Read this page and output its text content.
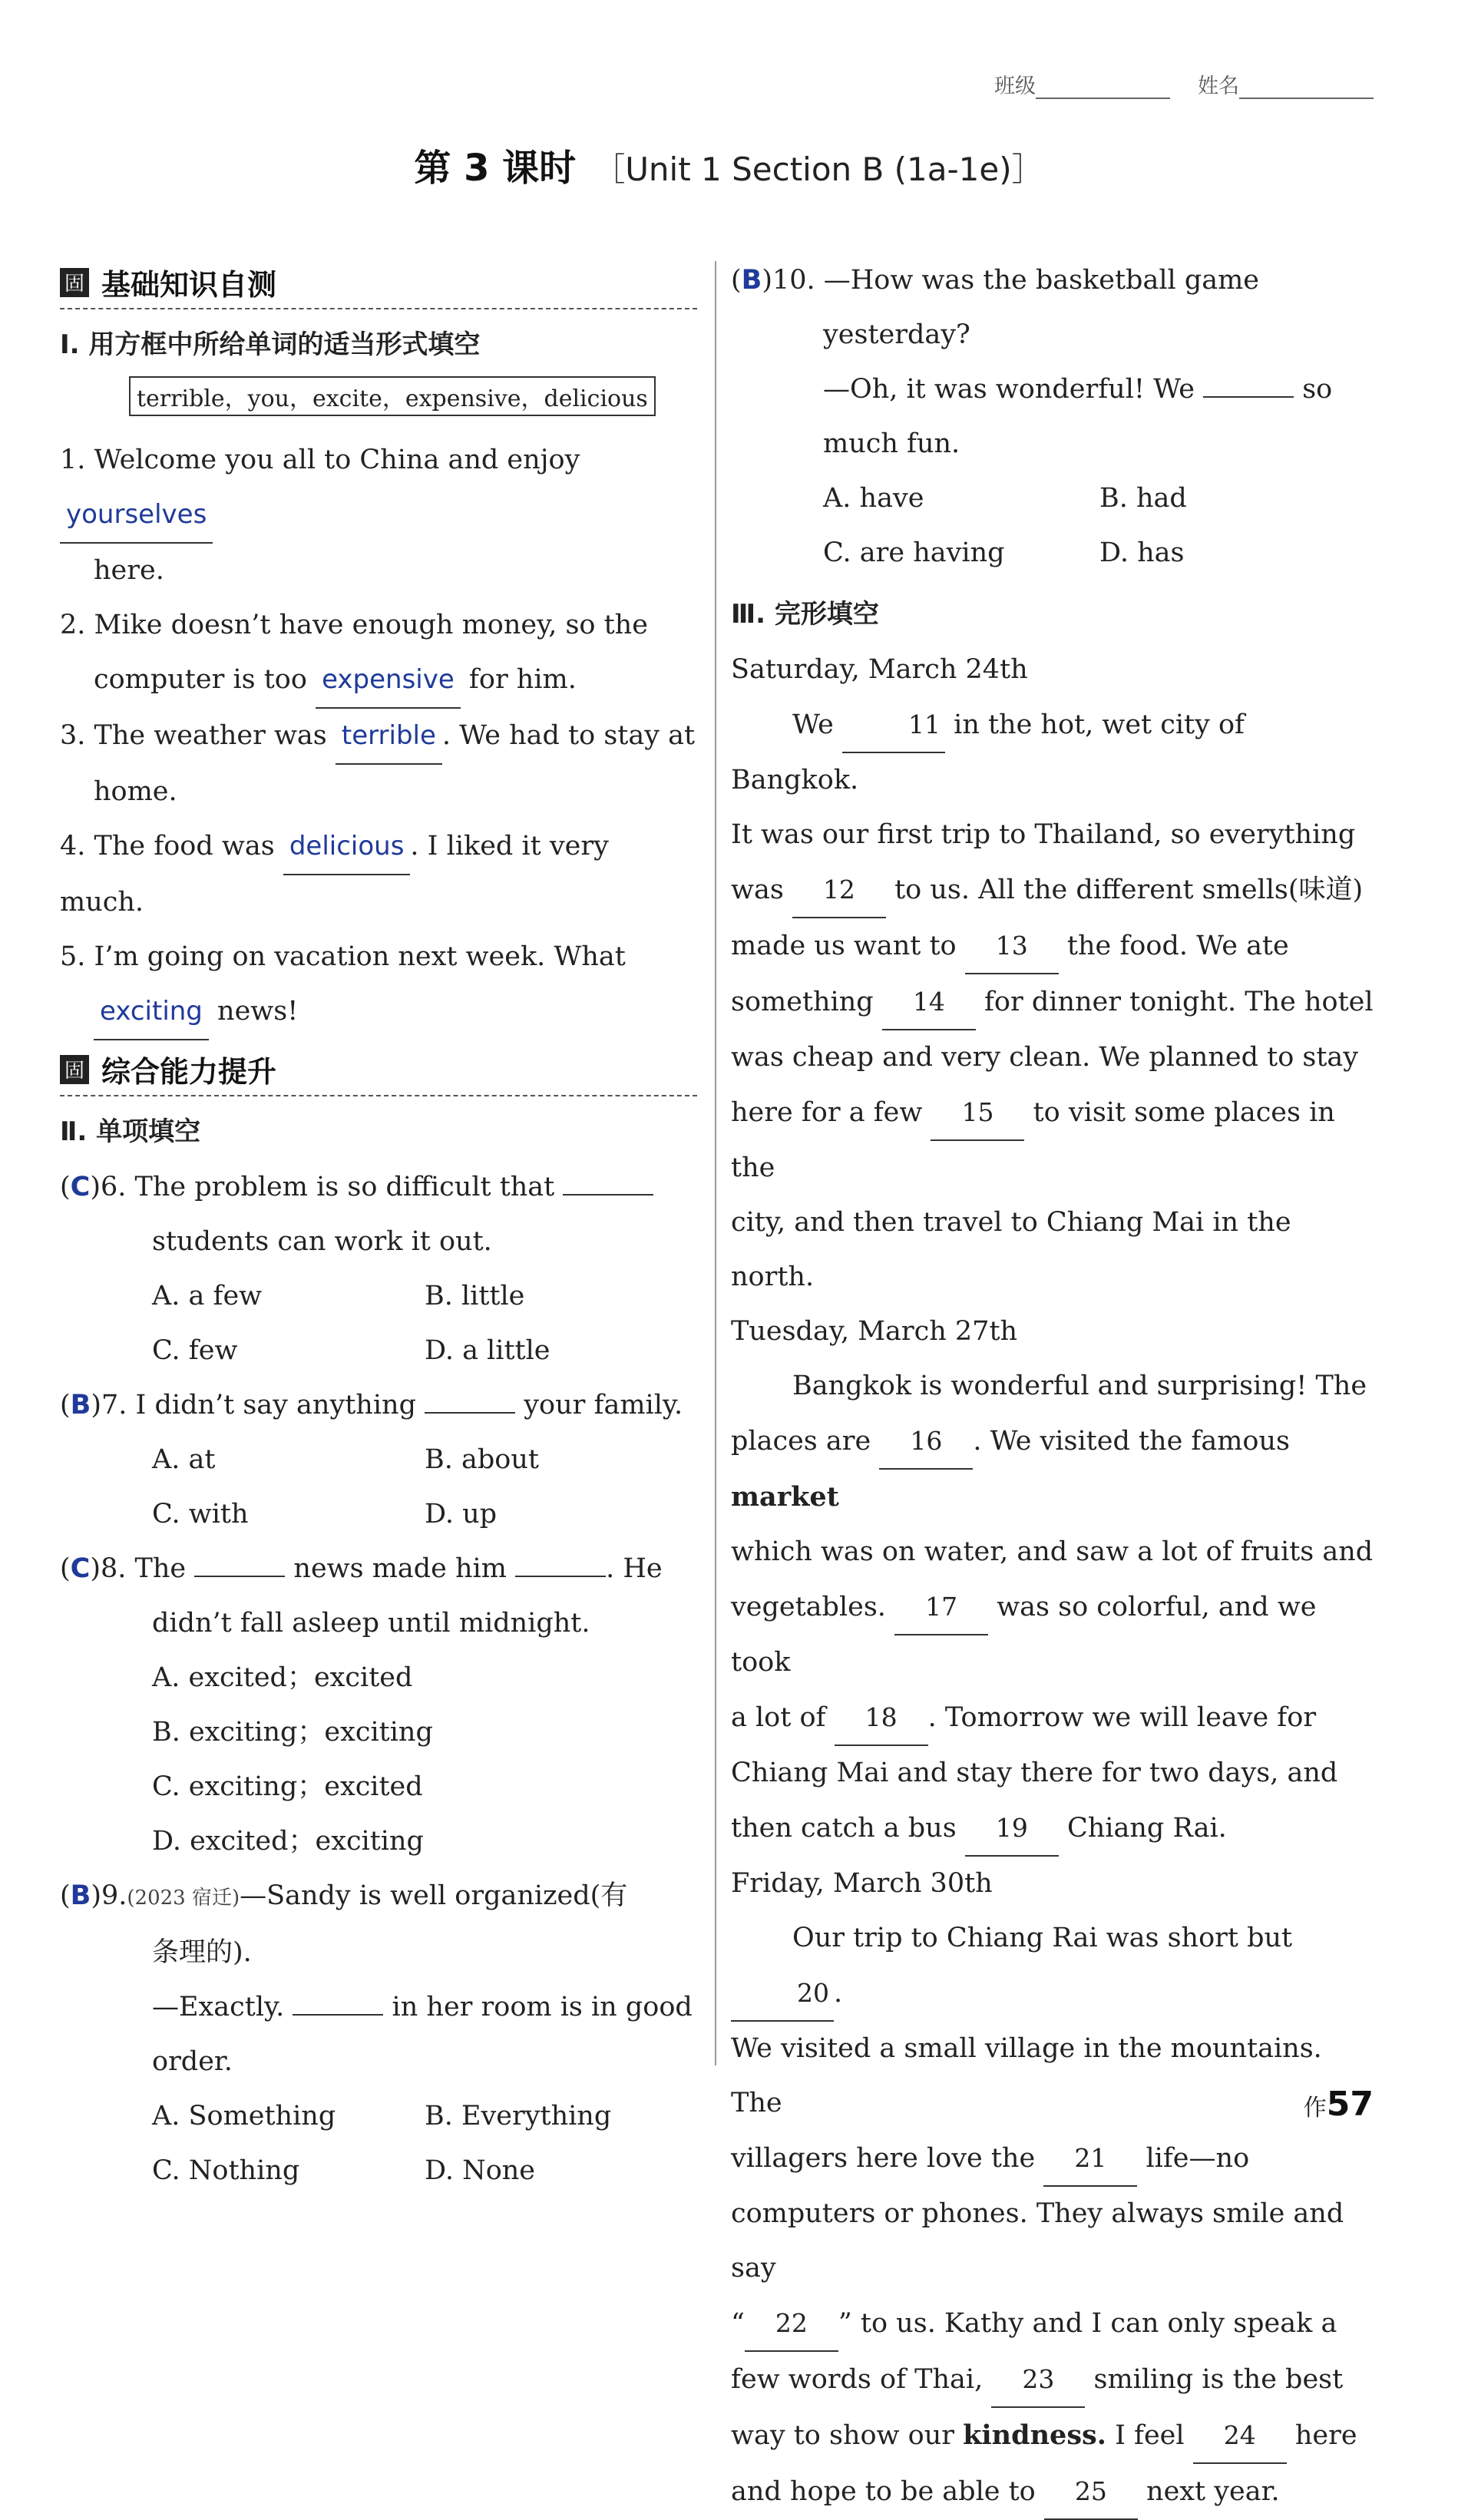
班级	姓名
第 3 课时 ［Unit 1 Section B (1a-1e)］
固 基础知识自测
Ⅰ. 用方框中所给单词的适当形式填空
terrible，you，excite，expensive，delicious
1. Welcome you all to China and enjoy yourselves
here.
2. Mike doesn’t have enough money, so the
computer is too expensive for him.
3. The weather was terrible . We had to stay at
home.
4. The food was delicious . I liked it very much.
5. I’m going on vacation next week. What
exciting news!
固 综合能力提升
Ⅱ. 单项填空
(C)6. The problem is so difficult that
students can work it out.
A. a few	B. little
C. few	D. a little
(B)7. I didn’t say anything	your family.
A. at	B. about
C. with	D. up
(C)8. The	news made him	. He
didn’t fall asleep until midnight.
A. excited；excited
B. exciting；exciting
C. exciting；excited
D. excited；exciting
(B)9.(2023 宿迁)—Sandy is well organized(有
条理的).
—Exactly.	in her room is in good
order.
A. Something	B. Everything
C. Nothing	D. None
(B)10. —How was the basketball game
yesterday?
—Oh, it was wonderful! We	so
much fun.
A. have	B. had
C. are having	D. has
Ⅲ. 完形填空
Saturday, March 24th
We	11 in the hot, wet city of Bangkok.
It was our first trip to Thailand, so everything
was 12 to us. All the different smells(味道)
made us want to 13 the food. We ate
something 14 for dinner tonight. The hotel
was cheap and very clean. We planned to stay
here for a few 15 to visit some places in the
city, and then travel to Chiang Mai in the north.
Tuesday, March 27th
Bangkok is wonderful and surprising! The
places are 16 . We visited the famous market
which was on water, and saw a lot of fruits and
vegetables. 17 was so colorful, and we took
a lot of 18 . Tomorrow we will leave for
Chiang Mai and stay there for two days, and
then catch a bus 19 Chiang Rai.
Friday, March 30th
Our trip to Chiang Rai was short but 20 .
We visited a small village in the mountains. The
villagers here love the 21 life—no
computers or phones. They always smile and say
“ 22 ” to us. Kathy and I can only speak a
few words of Thai, 23 smiling is the best
way to show our kindness. I feel 24 here
and hope to be able to 25 next year.
作57
